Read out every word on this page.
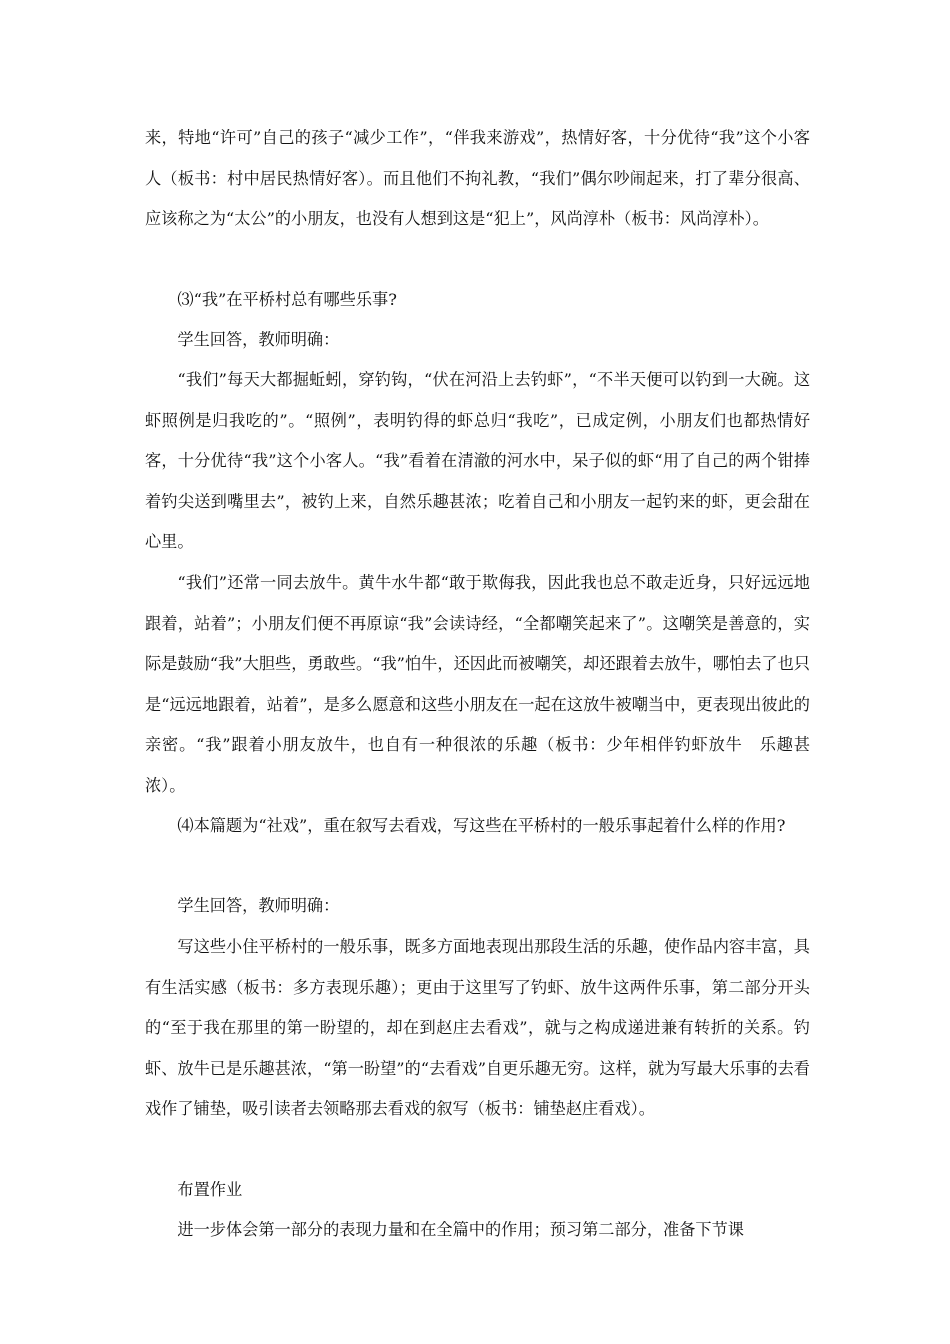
来，特地“许可”自己的孩子“减少工作”，“伴我来游戏”，热情好客，十分优待“我”这个小客人（板书：村中居民热情好客）。而且他们不拘礼教，“我们”偶尔吵闹起来，打了辈分很高、应该称之为“太公”的小朋友，也没有人想到这是“犯上”，风尚淳朴（板书：风尚淳朴）。

⑶“我”在平桥村总有哪些乐事?

学生回答，教师明确：

“我们”每天大都掘蚯蚓，穿钓钩，“伏在河沿上去钓虾”，“不半天便可以钓到一大碗。这虾照例是归我吃的”。“照例”，表明钓得的虾总归“我吃”，已成定例，小朋友们也都热情好客，十分优待“我”这个小客人。“我”看着在清澈的河水中，呆子似的虾“用了自己的两个钳捧着钓尖送到嘴里去”，被钓上来，自然乐趣甚浓；吃着自己和小朋友一起钓来的虾，更会甜在心里。

“我们”还常一同去放牛。黄牛水牛都“敢于欺侮我，因此我也总不敢走近身，只好远远地跟着，站着”；小朋友们便不再原谅“我”会读诗经，“全都嘲笑起来了”。这嘲笑是善意的，实际是鼓励“我”大胆些，勇敢些。“我”怕牛，还因此而被嘲笑，却还跟着去放牛，哪怕去了也只是“远远地跟着，站着”，是多么愿意和这些小朋友在一起在这放牛被嘲当中，更表现出彼此的亲密。“我”跟着小朋友放牛，也自有一种很浓的乐趣（板书：少年相伴钓虾放牛　乐趣甚浓）。

⑷本篇题为“社戏”，重在叙写去看戏，写这些在平桥村的一般乐事起着什么样的作用?

学生回答，教师明确：

写这些小住平桥村的一般乐事，既多方面地表现出那段生活的乐趣，使作品内容丰富，具有生活实感（板书：多方表现乐趣）；更由于这里写了钓虾、放牛这两件乐事，第二部分开头的“至于我在那里的第一盼望的，却在到赵庄去看戏”，就与之构成递进兼有转折的关系。钓虾、放牛已是乐趣甚浓，“第一盼望”的“去看戏”自更乐趣无穷。这样，就为写最大乐事的去看戏作了铺垫，吸引读者去领略那去看戏的叙写（板书：铺垫赵庄看戏）。

布置作业

进一步体会第一部分的表现力量和在全篇中的作用；预习第二部分，准备下节课
